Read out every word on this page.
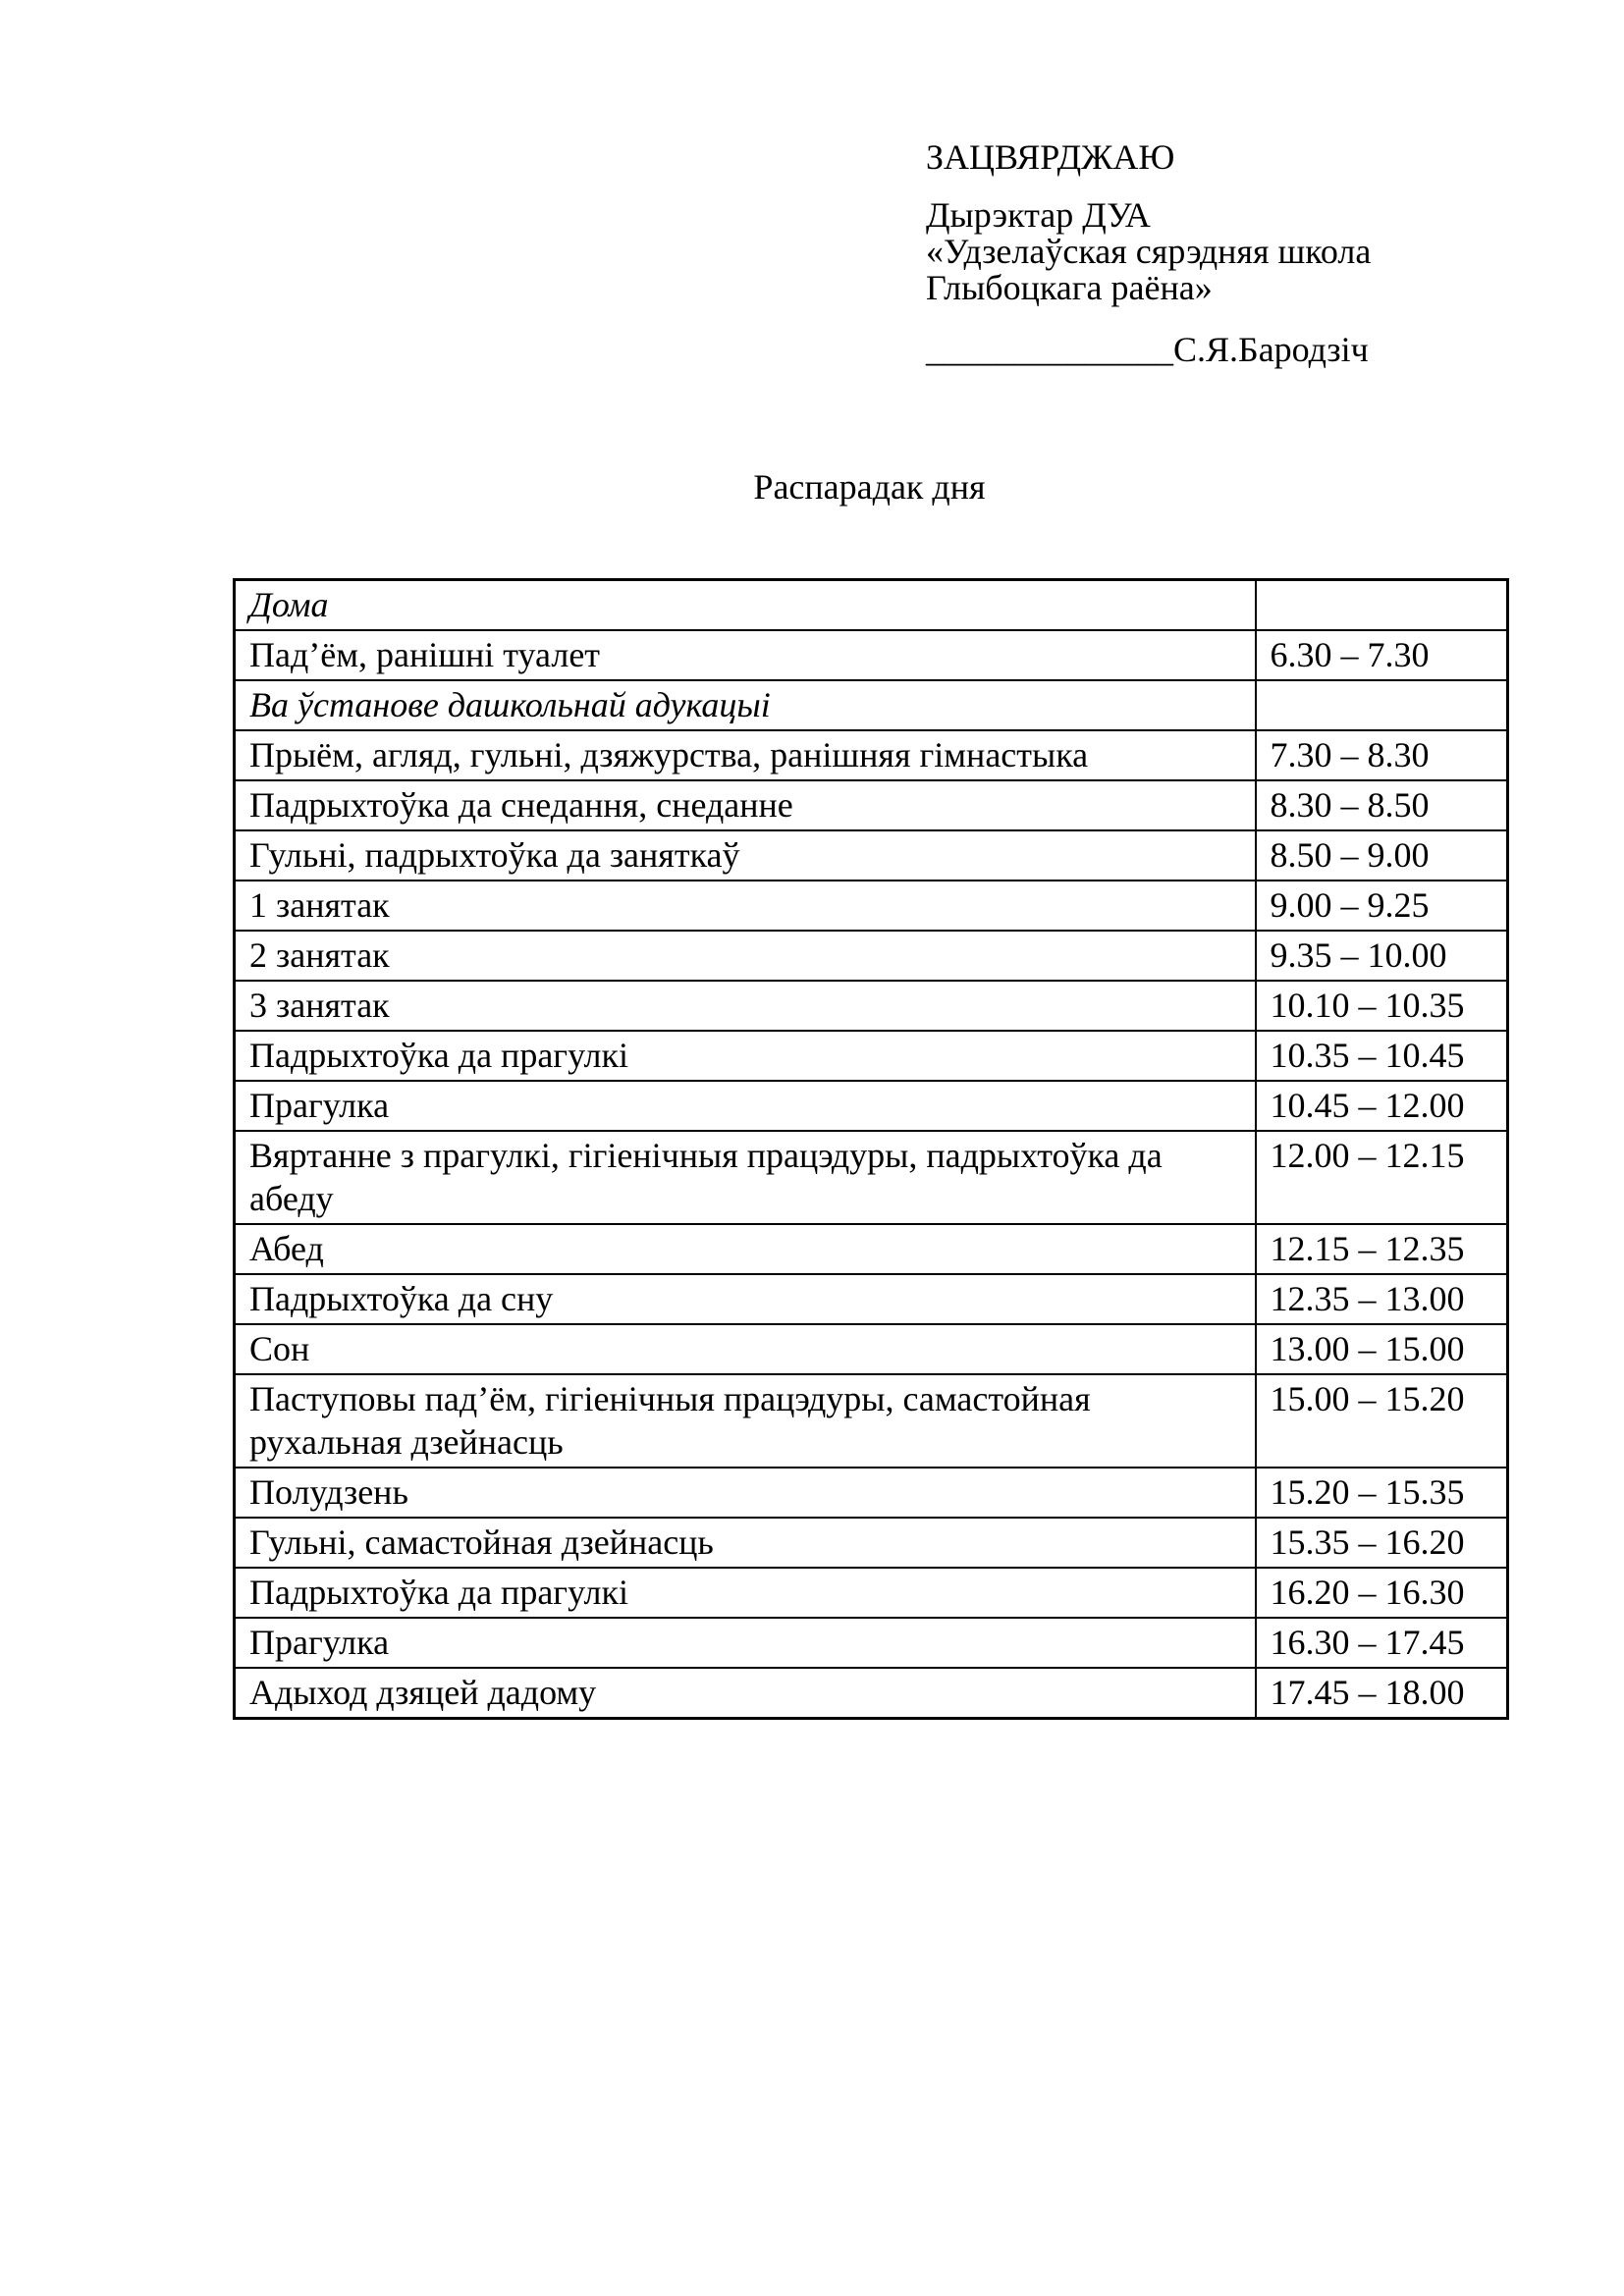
ЗАЦВЯРДЖАЮ
Дырэктар ДУА
«Удзелаўская сярэдняя школа
Глыбоцкага раёна»
______________С.Я.Бародзіч
Распарадак дня
Дома	
Пад’ём, ранішні туалет	6.30 – 7.30
Ва ўстанове дашкольнай адукацыі	
Прыём, агляд, гульні, дзяжурства, ранішняя гімнастыка	7.30 – 8.30
Падрыхтоўка да снедання, снеданне	8.30 – 8.50
Гульні, падрыхтоўка да заняткаў	8.50 – 9.00
1 занятак	9.00 – 9.25
2 занятак	9.35 – 10.00
3 занятак	10.10 – 10.35
Падрыхтоўка да прагулкі	10.35 – 10.45
Прагулка	10.45 – 12.00
Вяртанне з прагулкі, гігіенічныя працэдуры, падрыхтоўка да абеду	12.00 – 12.15
Абед	12.15 – 12.35
Падрыхтоўка да сну	12.35 – 13.00
Сон	13.00 – 15.00
Паступовы пад’ём, гігіенічныя працэдуры, самастойная рухальная дзейнасць	15.00 – 15.20
Полудзень	15.20 – 15.35
Гульні, самастойная дзейнасць	15.35 – 16.20
Падрыхтоўка да прагулкі	16.20 – 16.30
Прагулка	16.30 – 17.45
Адыход дзяцей дадому	17.45 – 18.00
